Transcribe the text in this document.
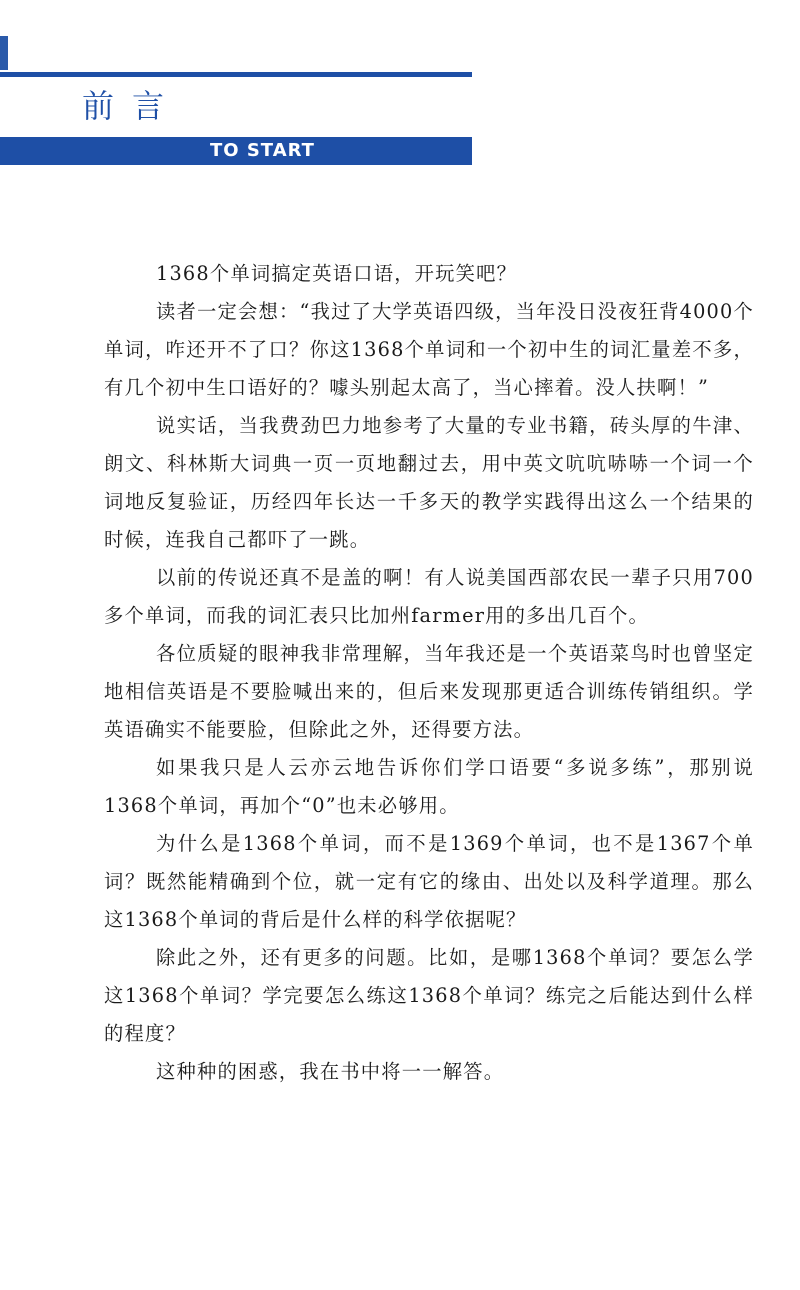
前言
TO START

1368个单词搞定英语口语，开玩笑吧？

读者一定会想：“我过了大学英语四级，当年没日没夜狂背4000个单词，咋还开不了口？你这1368个单词和一个初中生的词汇量差不多，有几个初中生口语好的？噱头别起太高了，当心摔着。没人扶啊！”

说实话，当我费劲巴力地参考了大量的专业书籍，砖头厚的牛津、朗文、科林斯大词典一页一页地翻过去，用中英文吭吭哧哧一个词一个词地反复验证，历经四年长达一千多天的教学实践得出这么一个结果的时候，连我自己都吓了一跳。

以前的传说还真不是盖的啊！有人说美国西部农民一辈子只用700多个单词，而我的词汇表只比加州farmer用的多出几百个。

各位质疑的眼神我非常理解，当年我还是一个英语菜鸟时也曾坚定地相信英语是不要脸喊出来的，但后来发现那更适合训练传销组织。学英语确实不能要脸，但除此之外，还得要方法。

如果我只是人云亦云地告诉你们学口语要“多说多练”，那别说1368个单词，再加个“0”也未必够用。

为什么是1368个单词，而不是1369个单词，也不是1367个单词？既然能精确到个位，就一定有它的缘由、出处以及科学道理。那么这1368个单词的背后是什么样的科学依据呢？

除此之外，还有更多的问题。比如，是哪1368个单词？要怎么学这1368个单词？学完要怎么练这1368个单词？练完之后能达到什么样的程度？

这种种的困惑，我在书中将一一解答。
